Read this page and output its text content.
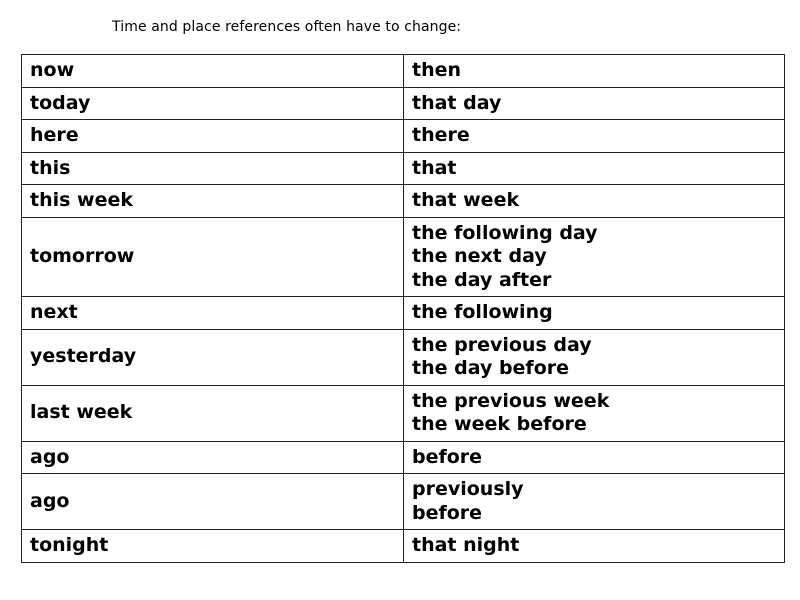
Time and place references often have to change:
now	then

today	that day

here	there

this	that

this week	that week

tomorrow	the following day
the next day
the day after

next	the following

yesterday	the previous day
the day before

last week	the previous week
the week before

ago	before

ago	previously
before

tonight	that night
